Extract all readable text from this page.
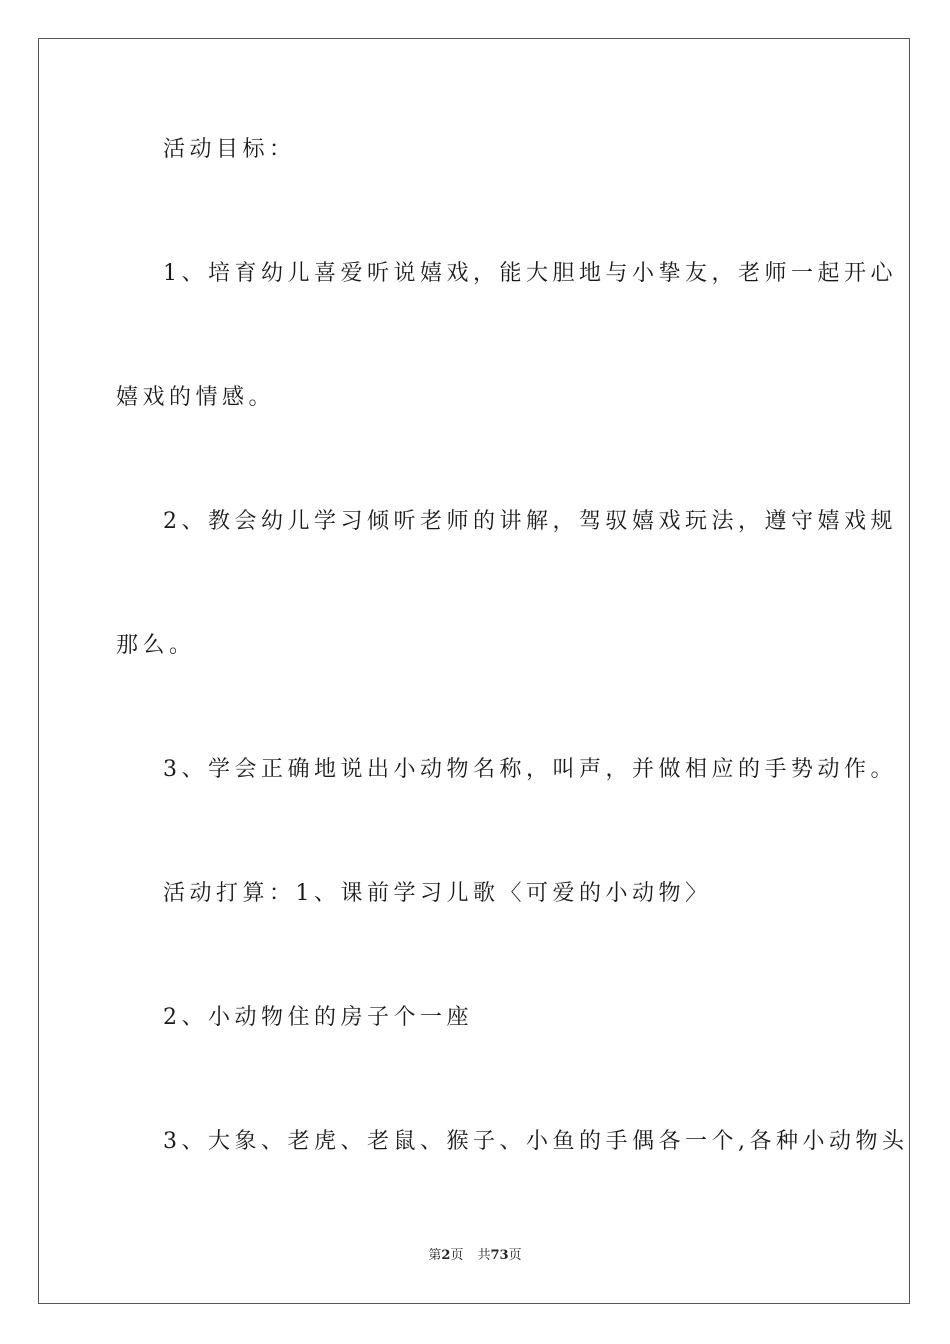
活动目标：
1、培育幼儿喜爱听说嬉戏，能大胆地与小挚友，老师一起开心
嬉戏的情感。
2、教会幼儿学习倾听老师的讲解，驾驭嬉戏玩法，遵守嬉戏规
那么。
3、学会正确地说出小动物名称，叫声，并做相应的手势动作。
活动打算：1、课前学习儿歌〈可爱的小动物〉
2、小动物住的房子个一座
3、大象、老虎、老鼠、猴子、小鱼的手偶各一个,各种小动物头
第2页 共73页
